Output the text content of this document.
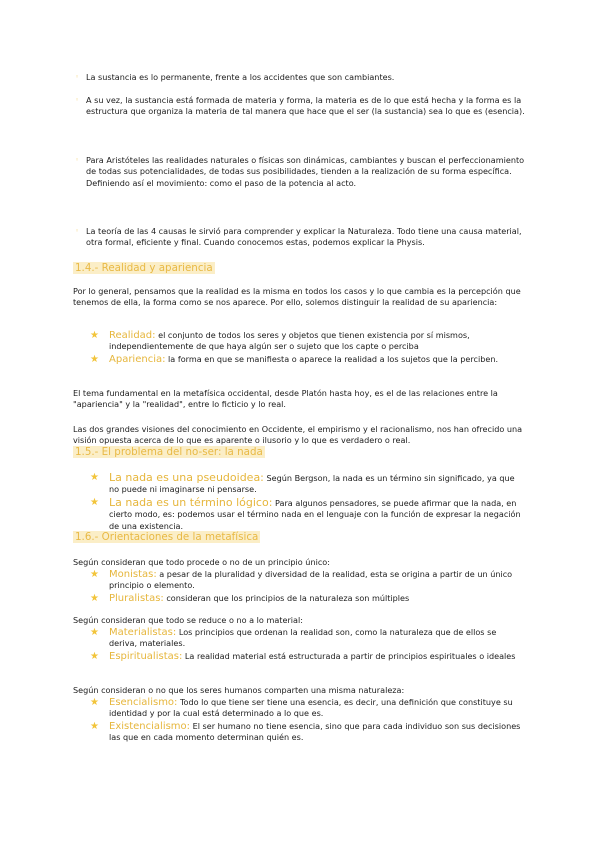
◦ La sustancia es lo permanente, frente a los accidentes que son cambiantes.
◦ A su vez, la sustancia está formada de materia y forma, la materia es de lo que está hecha y la forma es la estructura que organiza la materia de tal manera que hace que el ser (la sustancia) sea lo que es (esencia).
◦ Para Aristóteles las realidades naturales o físicas son dinámicas, cambiantes y buscan el perfeccionamiento de todas sus potencialidades, de todas sus posibilidades, tienden a la realización de su forma específica. Definiendo así el movimiento: como el paso de la potencia al acto.
◦ La teoría de las 4 causas le sirvió para comprender y explicar la Naturaleza. Todo tiene una causa material, otra formal, eficiente y final. Cuando conocemos estas, podemos explicar la Physis.
1.4.- Realidad y apariencia

Por lo general, pensamos que la realidad es la misma en todos los casos y lo que cambia es la percepción que tenemos de ella, la forma como se nos aparece. Por ello, solemos distinguir la realidad de su apariencia:

★	Realidad: el conjunto de todos los seres y objetos que tienen existencia por sí mismos, independientemente de que haya algún ser o sujeto que los capte o perciba
★	Apariencia: la forma en que se manifiesta o aparece la realidad a los sujetos que la perciben.

El tema fundamental en la metafísica occidental, desde Platón hasta hoy, es el de las relaciones entre la "apariencia" y la "realidad", entre lo ficticio y lo real.

Las dos grandes visiones del conocimiento en Occidente, el empirismo y el racionalismo, nos han ofrecido una visión opuesta acerca de lo que es aparente o ilusorio y lo que es verdadero o real.

1.5.- El problema del no-ser: la nada
★ La nada es una pseudoidea: Según Bergson, la nada es un término sin significado, ya que no puede ni imaginarse ni pensarse.
★ La nada es un término lógico: Para algunos pensadores, se puede afirmar que la nada, en cierto modo, es: podemos usar el término nada en el lenguaje con la función de expresar la negación de una existencia.
1.6.- Orientaciones de la metafísica

Según consideran que todo procede o no de un principio único:

★	Monistas: a pesar de la pluralidad y diversidad de la realidad, esta se origina a partir de un único principio o elemento.
★	Pluralistas: consideran que los principios de la naturaleza son múltiples

Según consideran que todo se reduce o no a lo material:

★	Materialistas: Los principios que ordenan la realidad son, como la naturaleza que de ellos se deriva, materiales.
★	Espiritualistas: La realidad material está estructurada a partir de principios espirituales o ideales

Según consideran o no que los seres humanos comparten una misma naturaleza:

★	Esencialismo: Todo lo que tiene ser tiene una esencia, es decir, una definición que constituye su identidad y por la cual está determinado a lo que es.
★	Existencialismo: El ser humano no tiene esencia, sino que para cada individuo son sus decisiones las que en cada momento determinan quién es.
